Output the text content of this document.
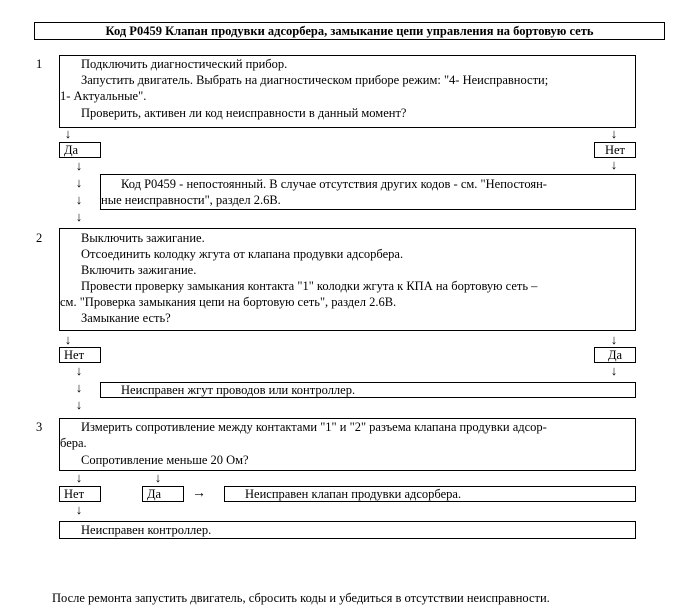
Код P0459 Клапан продувки адсорбера, замыкание цепи управления на бортовую сеть
1	Подключить диагностический прибор.
Запустить двигатель. Выбрать на диагностическом приборе режим: "4- Неисправности;
1- Актуальные".
Проверить, активен ли код неисправности в данный момент?
↓	↓
Да	Нет
↓
↓
↓
↓
↓
Код P0459 - непостоянный. В случае отсутствия других кодов - см. "Непостоян-
ные неисправности", раздел 2.6В.
2	Выключить зажигание.
Отсоединить колодку жгута от клапана продувки адсорбера.
Включить зажигание.
Провести проверку замыкания контакта "1" колодки жгута к КПА на бортовую сеть –
см. "Проверка замыкания цепи на бортовую сеть", раздел 2.6В.
Замыкание есть?
↓	↓
Нет	Да
↓
↓
↓
↓
Неисправен жгут проводов или контроллер.
3	Измерить сопротивление между контактами "1" и "2" разъема клапана продувки адсор-
бера.
Сопротивление меньше 20 Ом?
↓	↓
Нет	Да	→	Неисправен клапан продувки адсорбера.
↓
Неисправен контроллер.
После ремонта запустить двигатель, сбросить коды и убедиться в отсутствии неисправности.
